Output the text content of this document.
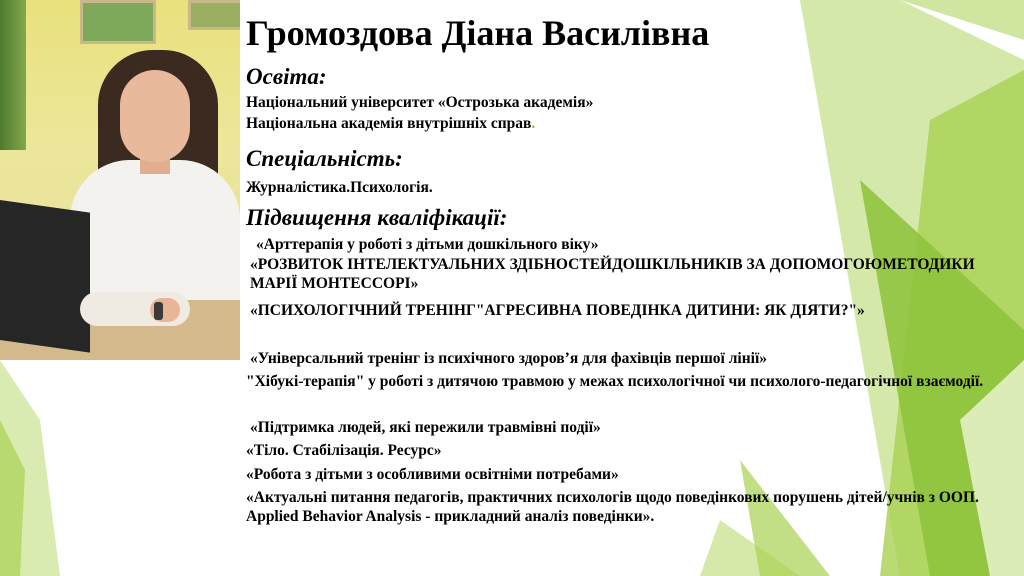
Громоздова Діана Василівна
Освіта:
Національний університет «Острозька академія»
Національна академія внутрішніх справ.
Спеціальність:
Журналістика.Психологія.
Підвищення кваліфікації:
«Арттерапія у роботі з дітьми дошкільного віку»
«РОЗВИТОК ІНТЕЛЕКТУАЛЬНИХ ЗДІБНОСТЕЙДОШКІЛЬНИКІВ ЗА ДОПОМОГОЮМЕТОДИКИ МАРІЇ МОНТЕССОРІ»
«ПСИХОЛОГІЧНИЙ ТРЕНІНГ"АГРЕСИВНА ПОВЕДІНКА ДИТИНИ: ЯК ДІЯТИ?"»
«Універсальний тренінг із психічного здоров’я для фахівців першої лінії»
"Хібукі-терапія" у роботі з дитячою травмою у межах психологічної чи психолого-педагогічної взаємодії.
«Підтримка людей, які пережили травмівні події»
«Тіло. Стабілізація. Ресурс»
«Робота з дітьми з особливими освітніми потребами»
«Актуальні питання педагогів, практичних психологів щодо поведінкових порушень дітей/учнів з ООП. Applied Behavior Analysis - прикладний аналіз поведінки».
